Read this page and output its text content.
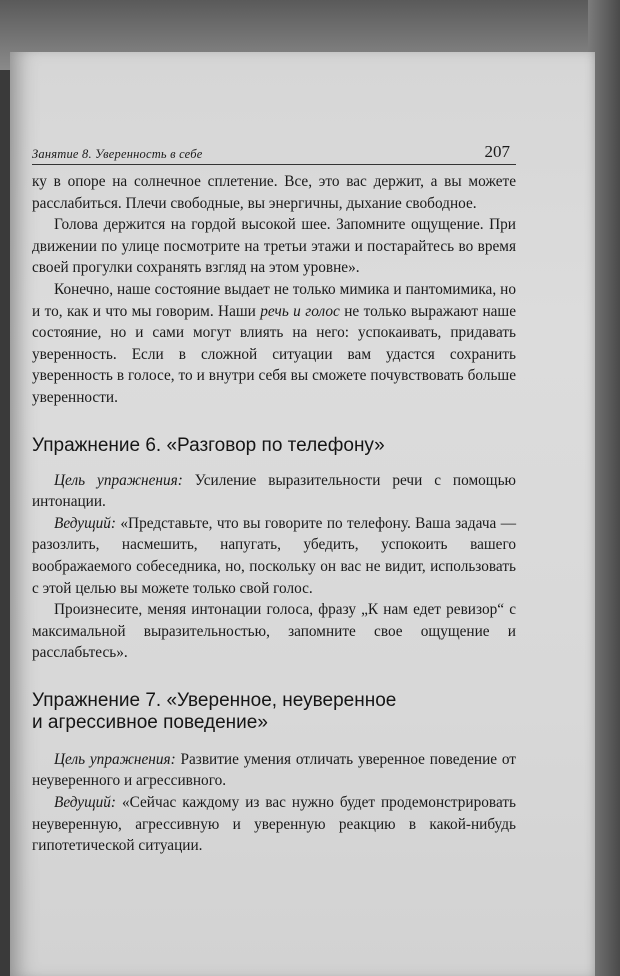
Занятие 8. Уверенность в себе	207

ку в опоре на солнечное сплетение. Все, это вас держит, а вы можете расслабиться. Плечи свободные, вы энергичны, дыхание свободное.

Голова держится на гордой высокой шее. Запомните ощущение. При движении по улице посмотрите на третьи этажи и постарайтесь во время своей прогулки сохранять взгляд на этом уровне».

Конечно, наше состояние выдает не только мимика и пантомимика, но и то, как и что мы говорим. Наши речь и голос не только выражают наше состояние, но и сами могут влиять на него: успокаивать, придавать уверенность. Если в сложной ситуации вам удастся сохранить уверенность в голосе, то и внутри себя вы сможете почувствовать больше уверенности.

Упражнение 6. «Разговор по телефону»

Цель упражнения: Усиление выразительности речи с помощью интонации.

Ведущий: «Представьте, что вы говорите по телефону. Ваша задача — разозлить, насмешить, напугать, убедить, успокоить вашего воображаемого собеседника, но, поскольку он вас не видит, использовать с этой целью вы можете только свой голос.

Произнесите, меняя интонации голоса, фразу „К нам едет ревизор“ с максимальной выразительностью, запомните свое ощущение и расслабьтесь».

Упражнение 7. «Уверенное, неуверенное
и агрессивное поведение»

Цель упражнения: Развитие умения отличать уверенное поведение от неуверенного и агрессивного.

Ведущий: «Сейчас каждому из вас нужно будет продемонстрировать неуверенную, агрессивную и уверенную реакцию в какой-нибудь гипотетической ситуации.
